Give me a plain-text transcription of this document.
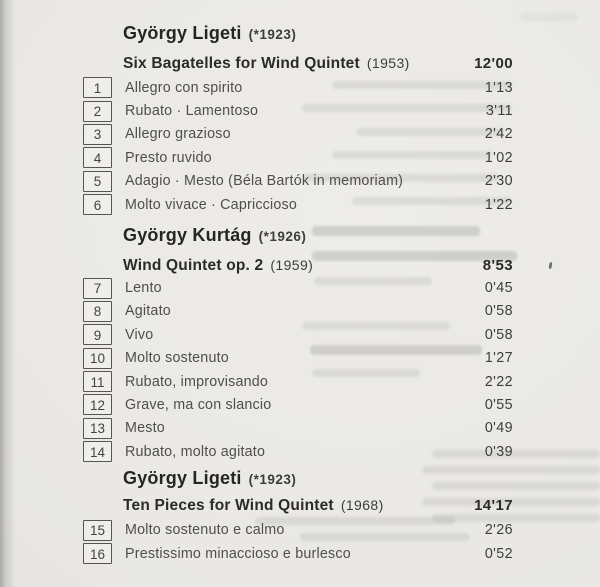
György Ligeti (*1923)
Six Bagatelles for Wind Quintet (1953)	12'00
1	Allegro con spirito	1'13
2	Rubato · Lamentoso	3'11
3	Allegro grazioso	2'42
4	Presto ruvido	1'02
5	Adagio · Mesto (Béla Bartók in memoriam)	2'30
6	Molto vivace · Capriccioso	1'22
György Kurtág (*1926)
Wind Quintet op. 2 (1959)	8'53
7	Lento	0'45
8	Agitato	0'58
9	Vivo	0'58
10	Molto sostenuto	1'27
11	Rubato, improvisando	2'22
12	Grave, ma con slancio	0'55
13	Mesto	0'49
14	Rubato, molto agitato	0'39
György Ligeti (*1923)
Ten Pieces for Wind Quintet (1968)	14'17
15	Molto sostenuto e calmo	2'26
16	Prestissimo minaccioso e burlesco	0'52
